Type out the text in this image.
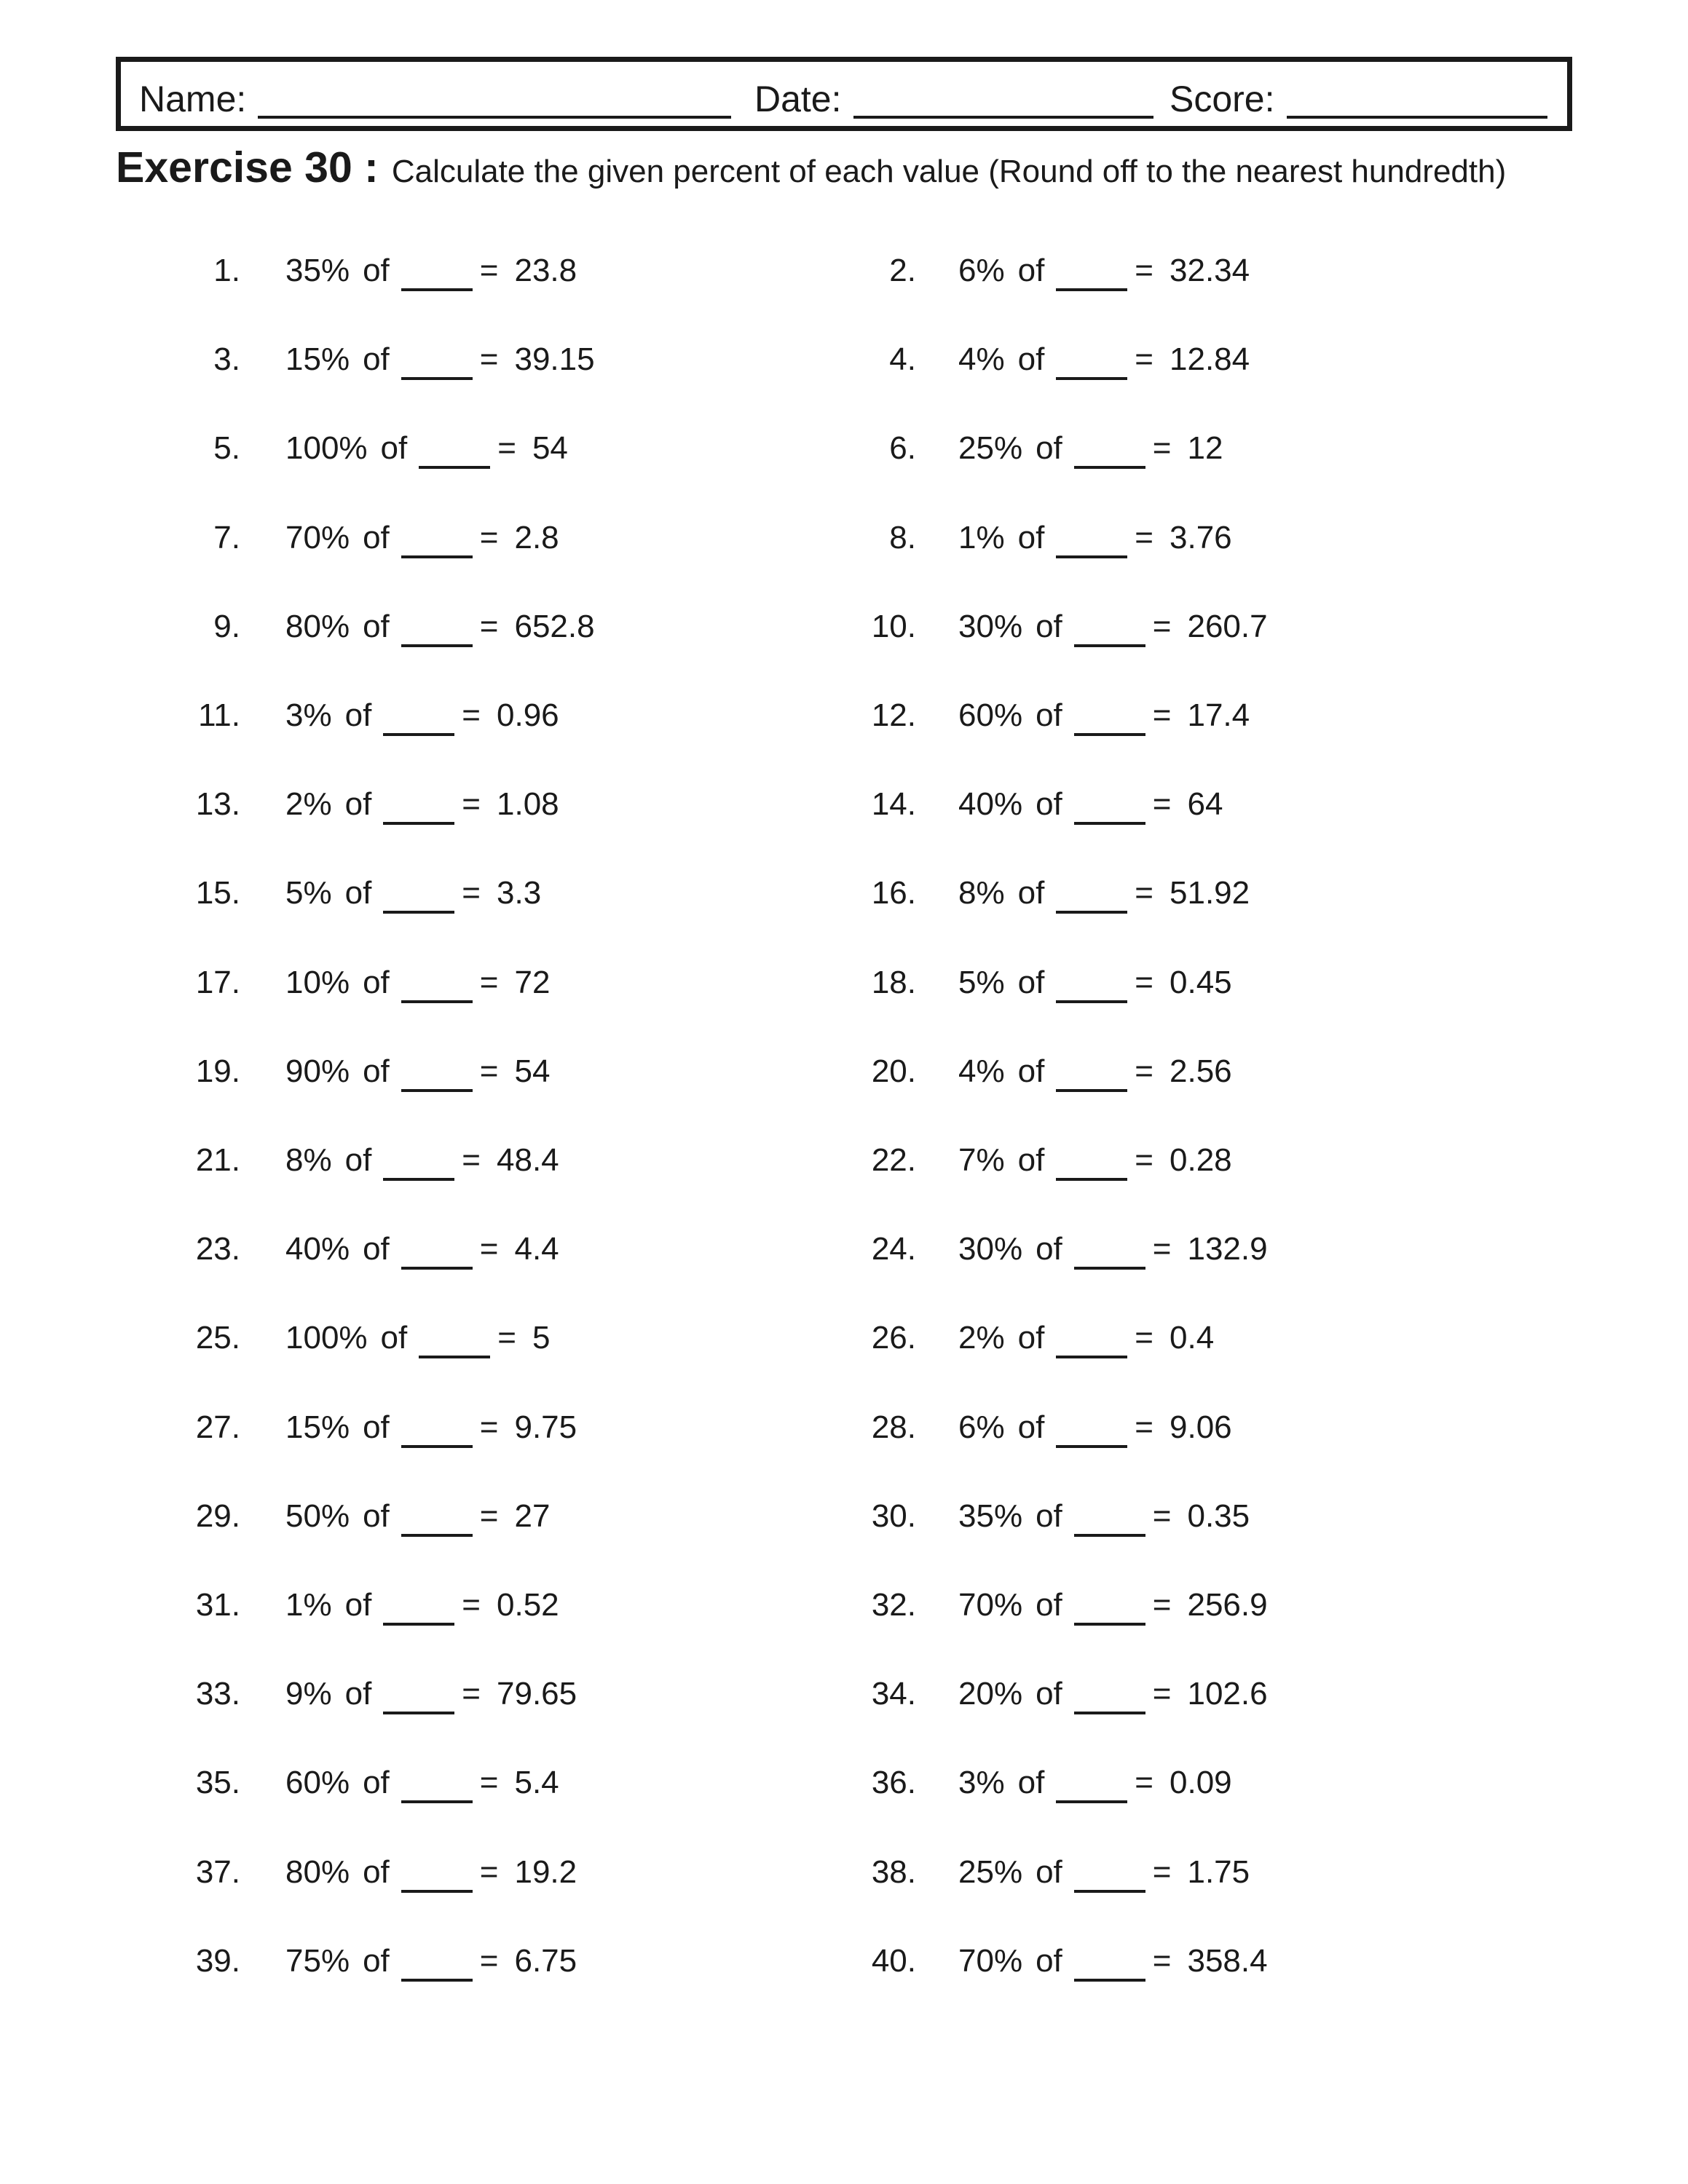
Name:	Date:	Score:
Exercise 30 : Calculate the given percent of each value (Round off to the nearest hundredth)
1. 35% of	= 23.8	2. 6% of	= 32.34
3. 15% of	= 39.15	4. 4% of	= 12.84
5. 100% of	= 54	6. 25% of	= 12
7. 70% of	= 2.8	8. 1% of	= 3.76
9. 80% of	= 652.8	10. 30% of	= 260.7
11. 3% of	= 0.96	12. 60% of	= 17.4
13. 2% of	= 1.08	14. 40% of	= 64
15. 5% of	= 3.3	16. 8% of	= 51.92
17. 10% of	= 72	18. 5% of	= 0.45
19. 90% of	= 54	20. 4% of	= 2.56
21. 8% of	= 48.4	22. 7% of	= 0.28
23. 40% of	= 4.4	24. 30% of	= 132.9
25. 100% of	= 5	26. 2% of	= 0.4
27. 15% of	= 9.75	28. 6% of	= 9.06
29. 50% of	= 27	30. 35% of	= 0.35
31. 1% of	= 0.52	32. 70% of	= 256.9
33. 9% of	= 79.65	34. 20% of	= 102.6
35. 60% of	= 5.4	36. 3% of	= 0.09
37. 80% of	= 19.2	38. 25% of	= 1.75
39. 75% of	= 6.75	40. 70% of	= 358.4
